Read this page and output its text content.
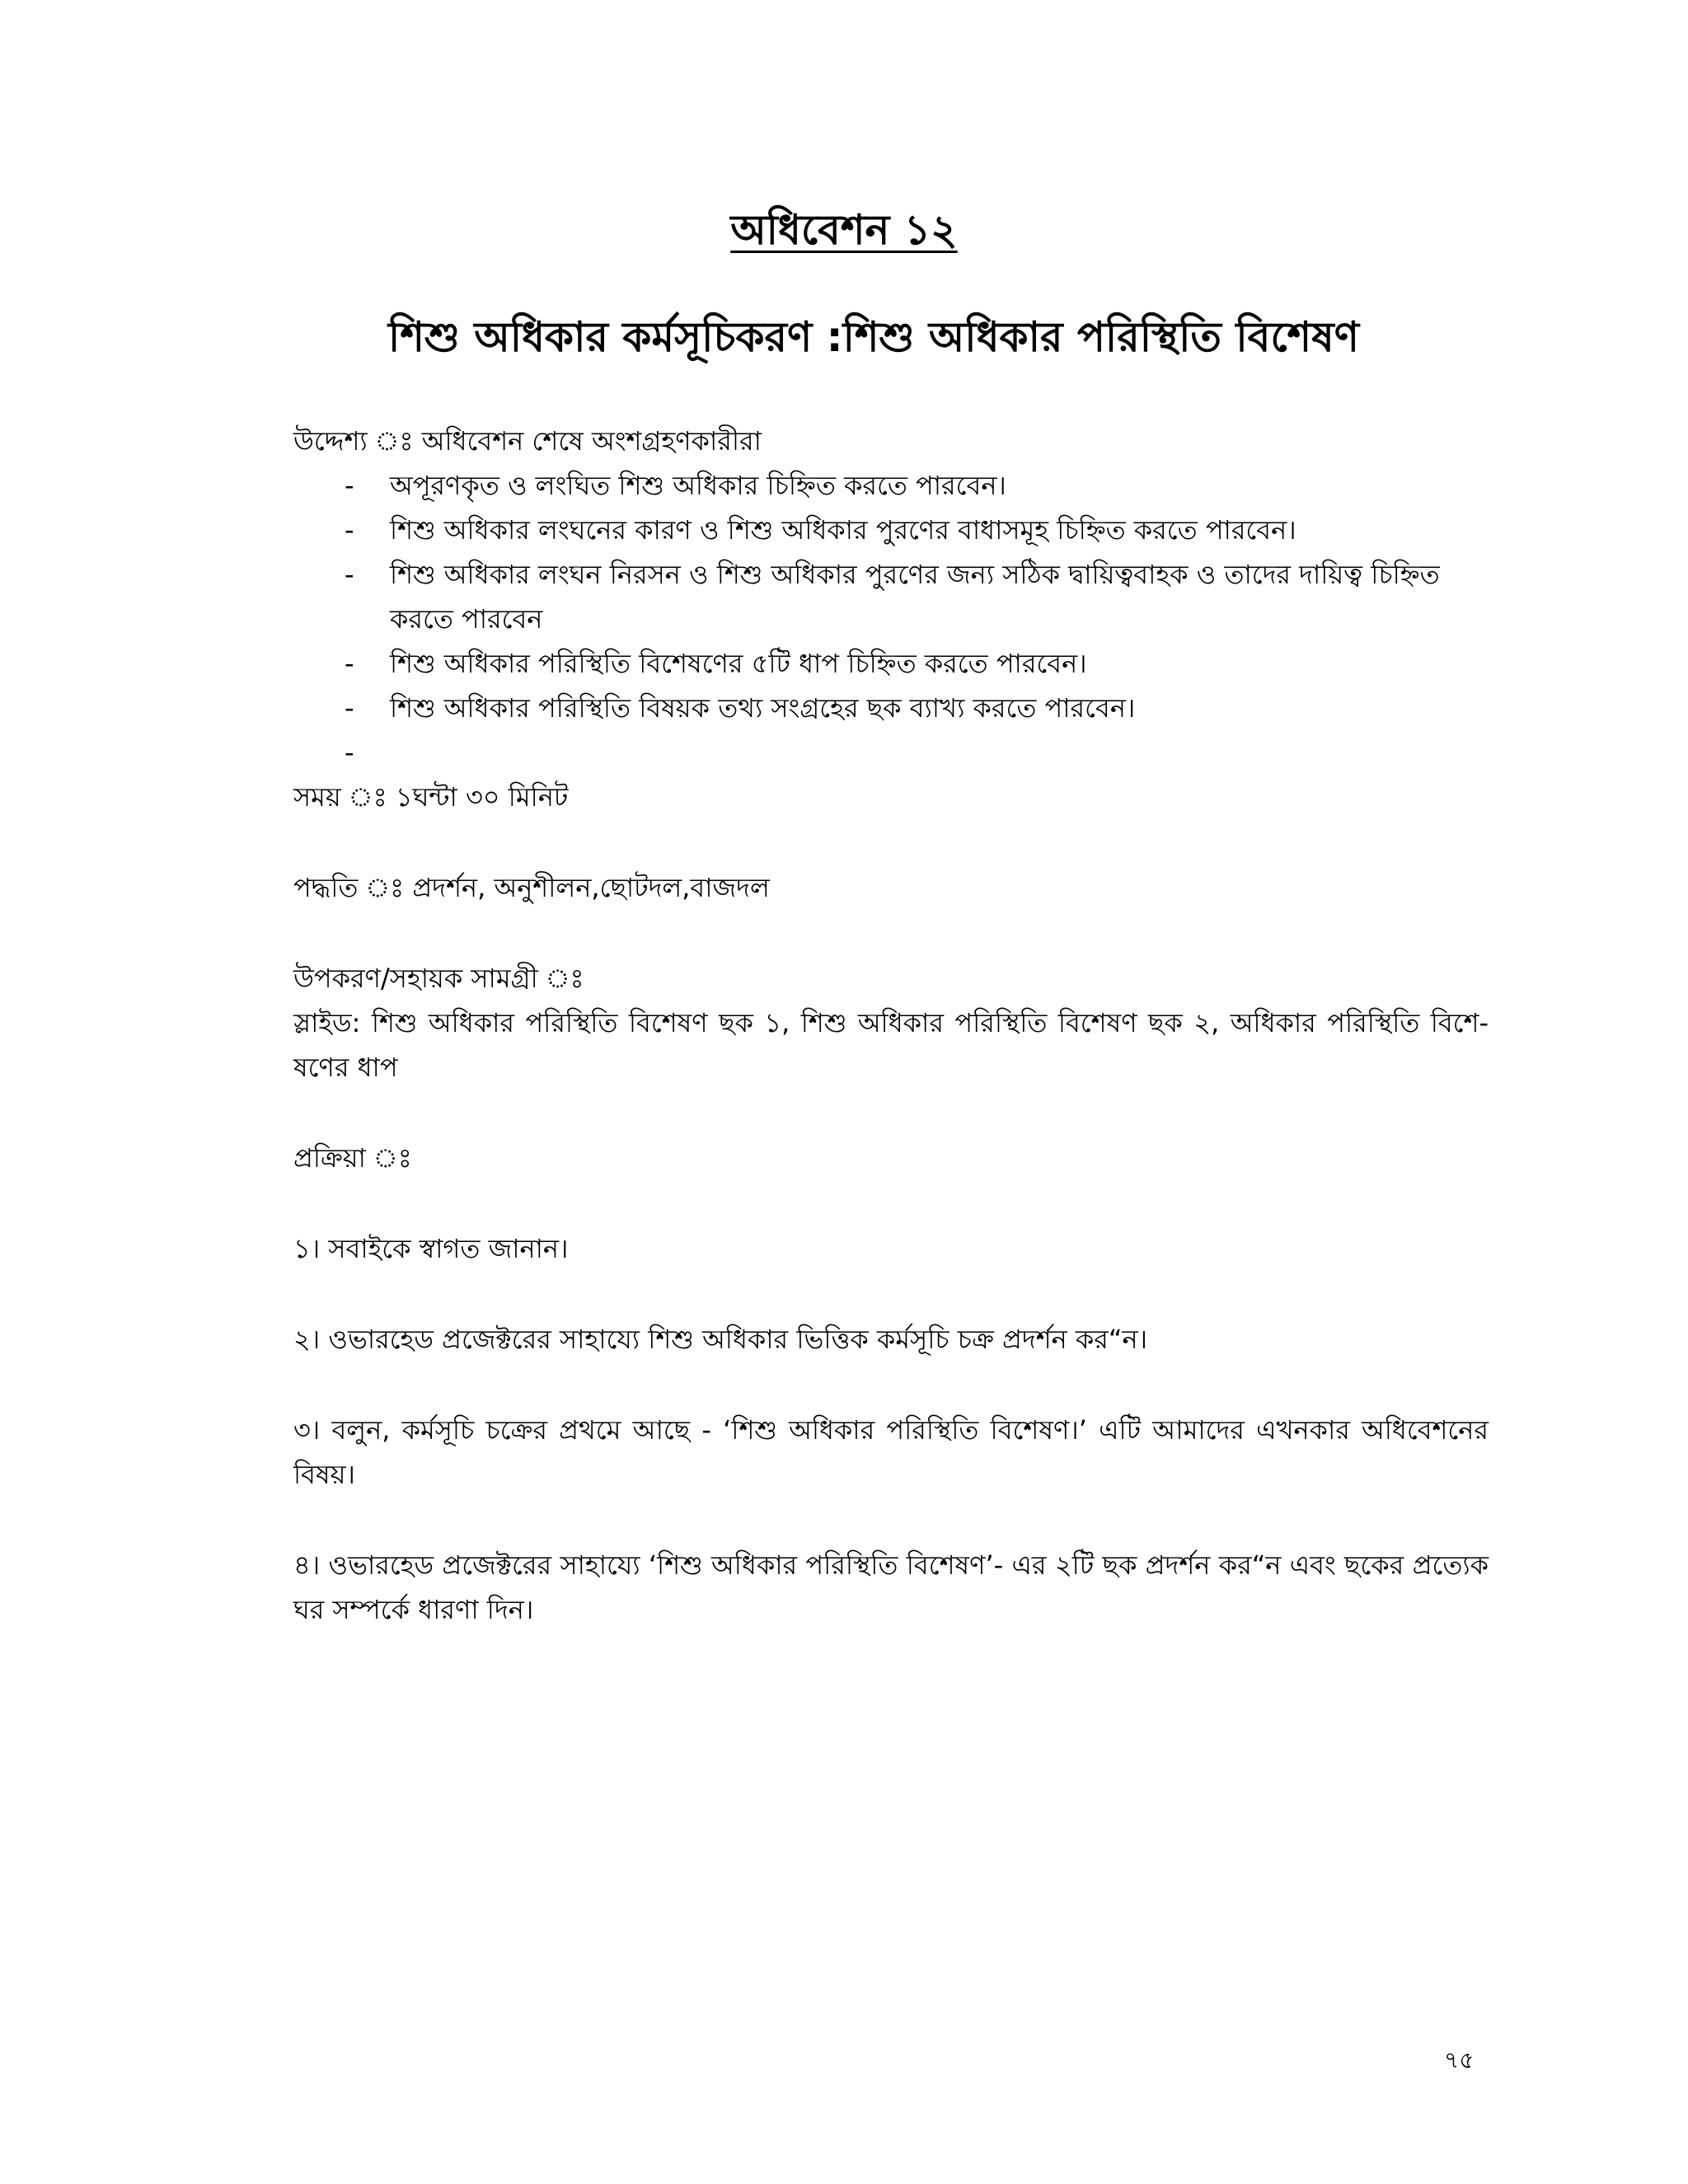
অধিবেশন ১২
শিশু অধিকার কর্মসূচিকরণ :শিশু অধিকার পরিস্থিতি বিশেষণ

উদ্দেশ্য ঃ অধিবেশন শেষে অংশগ্রহণকারীরা

- অপূরণকৃত ও লংঘিত শিশু অধিকার চিহ্নিত করতে পারবেন।
- শিশু অধিকার লংঘনের কারণ ও শিশু অধিকার পুরণের বাধাসমূহ চিহ্নিত করতে পারবেন।
- শিশু অধিকার লংঘন নিরসন ও শিশু অধিকার পুরণের জন্য সঠিক দ্বায়িত্ববাহক ও তাদের দায়িত্ব চিহ্নিত করতে পারবেন
- শিশু অধিকার পরিস্থিতি বিশেষণের ৫টি ধাপ চিহ্নিত করতে পারবেন।
- শিশু অধিকার পরিস্থিতি বিষয়ক তথ্য সংগ্রহের ছক ব্যাখ্য করতে পারবেন।
-

সময় ঃ ১ঘন্টা ৩০ মিনিট

পদ্ধতি ঃ প্রদর্শন, অনুশীলন,ছোটদল,বাজদল

উপকরণ/সহায়ক সামগ্রী ঃ

স্লাইড: শিশু অধিকার পরিস্থিতি বিশেষণ ছক ১, শিশু অধিকার পরিস্থিতি বিশেষণ ছক ২, অধিকার পরিস্থিতি বিশেষণের ধাপ

প্রক্রিয়া ঃ

১। সবাইকে স্বাগত জানান।

২। ওভারহেড প্রজেক্টরের সাহায্যে শিশু অধিকার ভিত্তিক কর্মসূচি চক্র প্রদর্শন কর“ন।

৩। বলুন, কর্মসূচি চক্রের প্রথমে আছে - ‘শিশু অধিকার পরিস্থিতি বিশেষণ।’ এটি আমাদের এখনকার অধিবেশনের বিষয়।

৪। ওভারহেড প্রজেক্টরের সাহায্যে ‘শিশু অধিকার পরিস্থিতি বিশেষণ’- এর ২টি ছক প্রদর্শন কর“ন এবং ছকের প্রত্যেক ঘর সম্পর্কে ধারণা দিন।

৭৫
